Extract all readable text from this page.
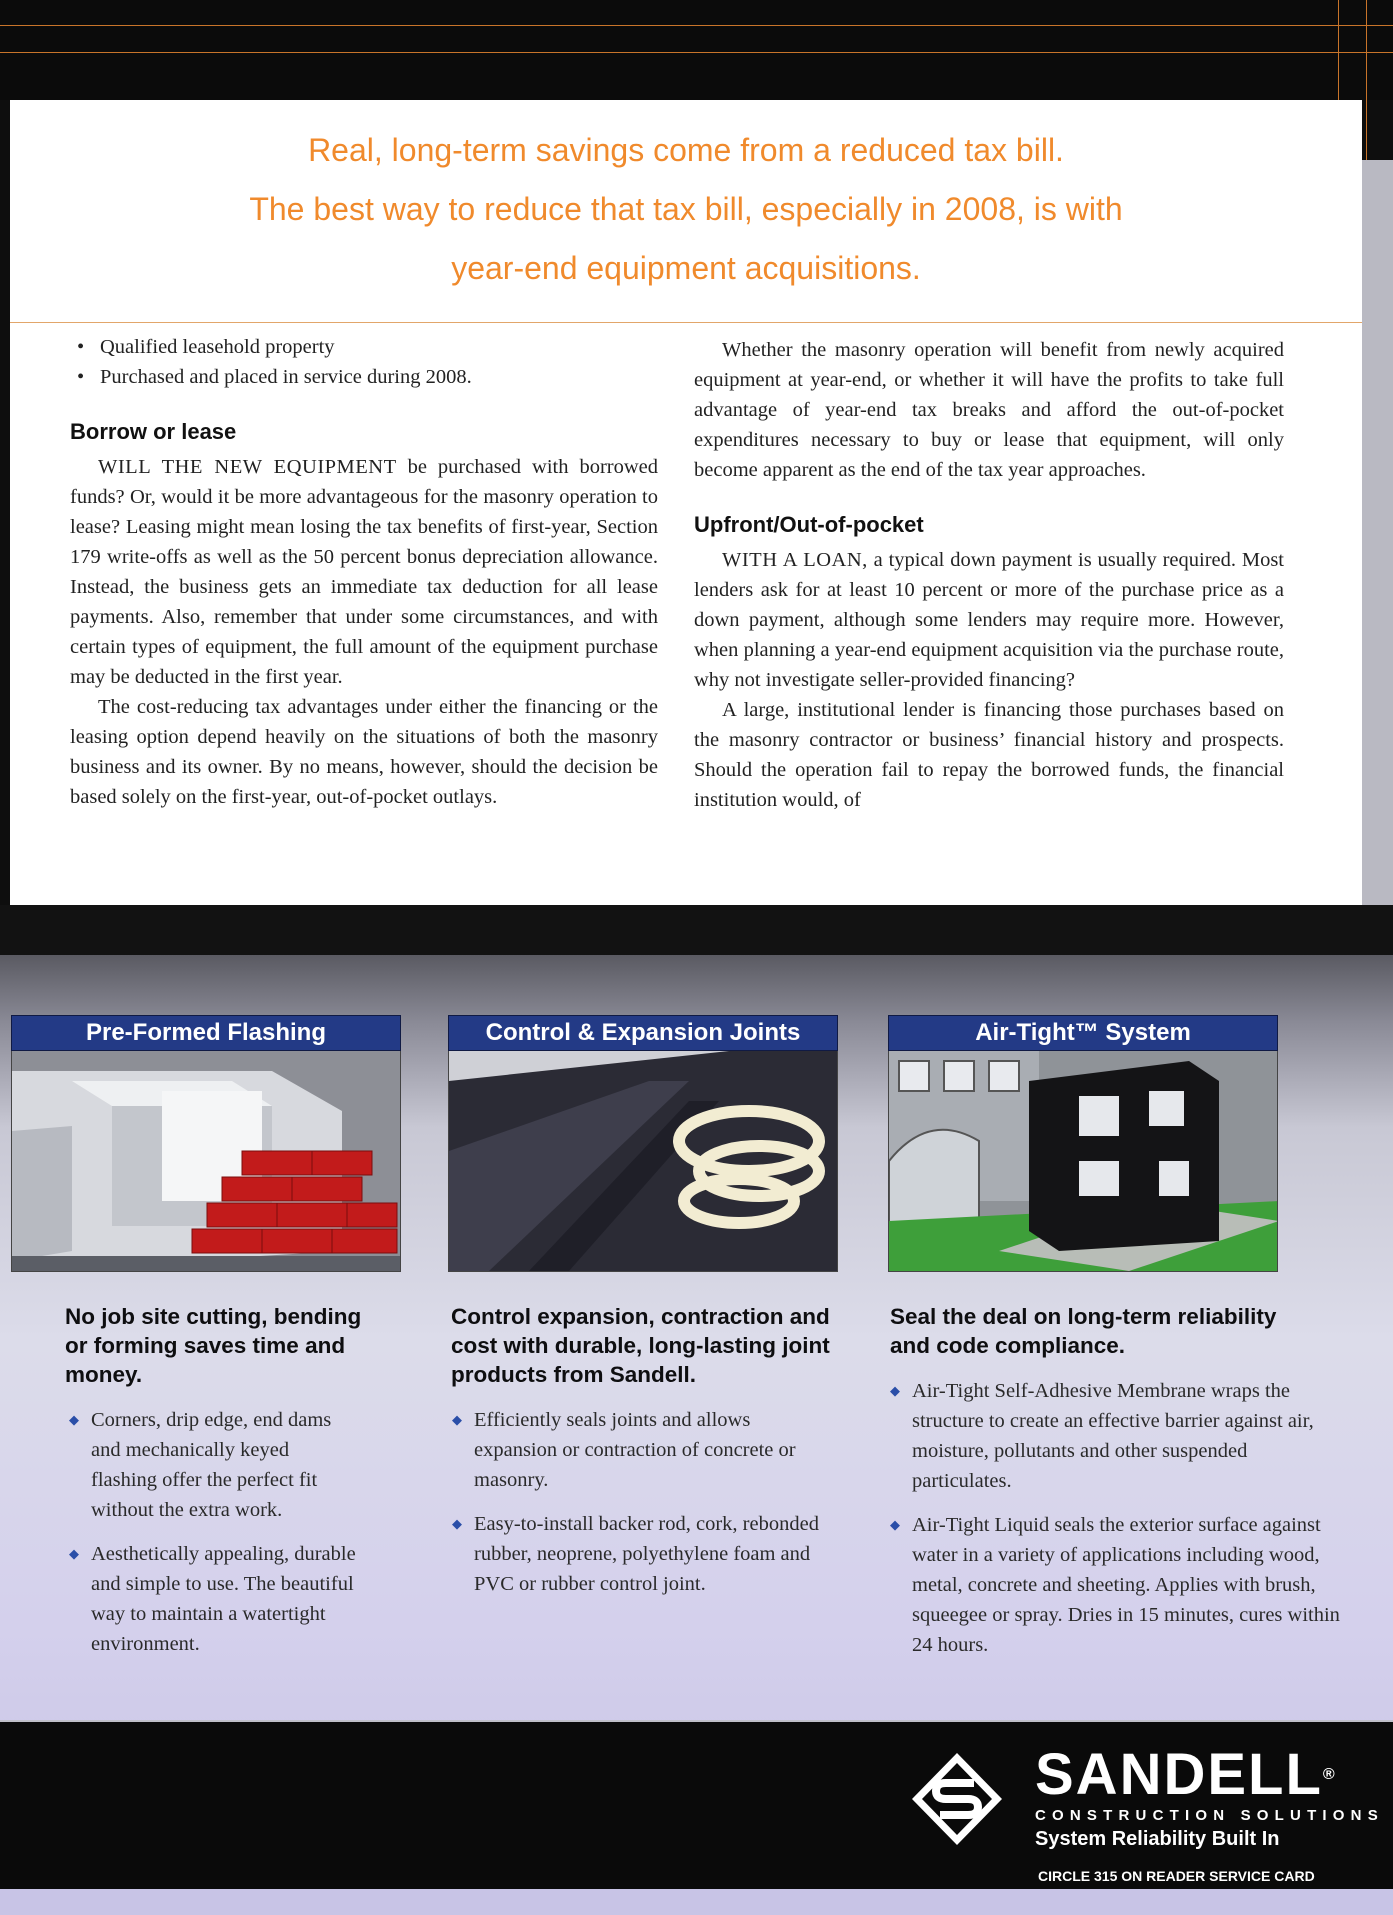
Real, long-term savings come from a reduced tax bill.
The best way to reduce that tax bill, especially in 2008, is with
year-end equipment acquisitions.
• Qualified leasehold property
• Purchased and placed in service during 2008.
Borrow or lease

WILL THE NEW EQUIPMENT be purchased with borrowed funds? Or, would it be more advantageous for the masonry operation to lease? Leasing might mean losing the tax benefits of first-year, Section 179 write-offs as well as the 50 percent bonus depreciation allowance. Instead, the business gets an immediate tax deduction for all lease payments. Also, remember that under some circumstances, and with certain types of equipment, the full amount of the equipment purchase may be deducted in the first year.

The cost-reducing tax advantages under either the financing or the leasing option depend heavily on the situations of both the masonry business and its owner. By no means, however, should the decision be based solely on the first-year, out-of-pocket outlays.

Whether the masonry operation will benefit from newly acquired equipment at year-end, or whether it will have the profits to take full advantage of year-end tax breaks and afford the out-of-pocket expenditures necessary to buy or lease that equipment, will only become apparent as the end of the tax year approaches.

Upfront/Out-of-pocket

WITH A LOAN, a typical down payment is usually required. Most lenders ask for at least 10 percent or more of the purchase price as a down payment, although some lenders may require more. However, when planning a year-end equipment acquisition via the purchase route, why not investigate seller-provided financing?

A large, institutional lender is financing those purchases based on the masonry contractor or business’ financial history and prospects. Should the operation fail to repay the borrowed funds, the financial institution would, of

Pre-Formed Flashing
No job site cutting, bending or forming saves time and money.
◆ Corners, drip edge, end dams and mechanically keyed flashing offer the perfect fit without the extra work.
◆ Aesthetically appealing, durable and simple to use. The beautiful way to maintain a watertight environment.
Control & Expansion Joints
Control expansion, contraction and cost with durable, long-lasting joint products from Sandell.
◆ Efficiently seals joints and allows expansion or contraction of concrete or masonry.
◆ Easy-to-install backer rod, cork, rebonded rubber, neoprene, polyethylene foam and PVC or rubber control joint.
Air-Tight™ System
Seal the deal on long-term reliability and code compliance.
◆ Air-Tight Self-Adhesive Membrane wraps the structure to create an effective barrier against air, moisture, pollutants and other suspended particulates.
◆ Air-Tight Liquid seals the exterior surface against water in a variety of applications including wood, metal, concrete and sheeting. Applies with brush, squeegee or spray. Dries in 15 minutes, cures within 24 hours.
SANDELL®
CONSTRUCTION SOLUTIONS
System Reliability Built In
CIRCLE 315 ON READER SERVICE CARD
